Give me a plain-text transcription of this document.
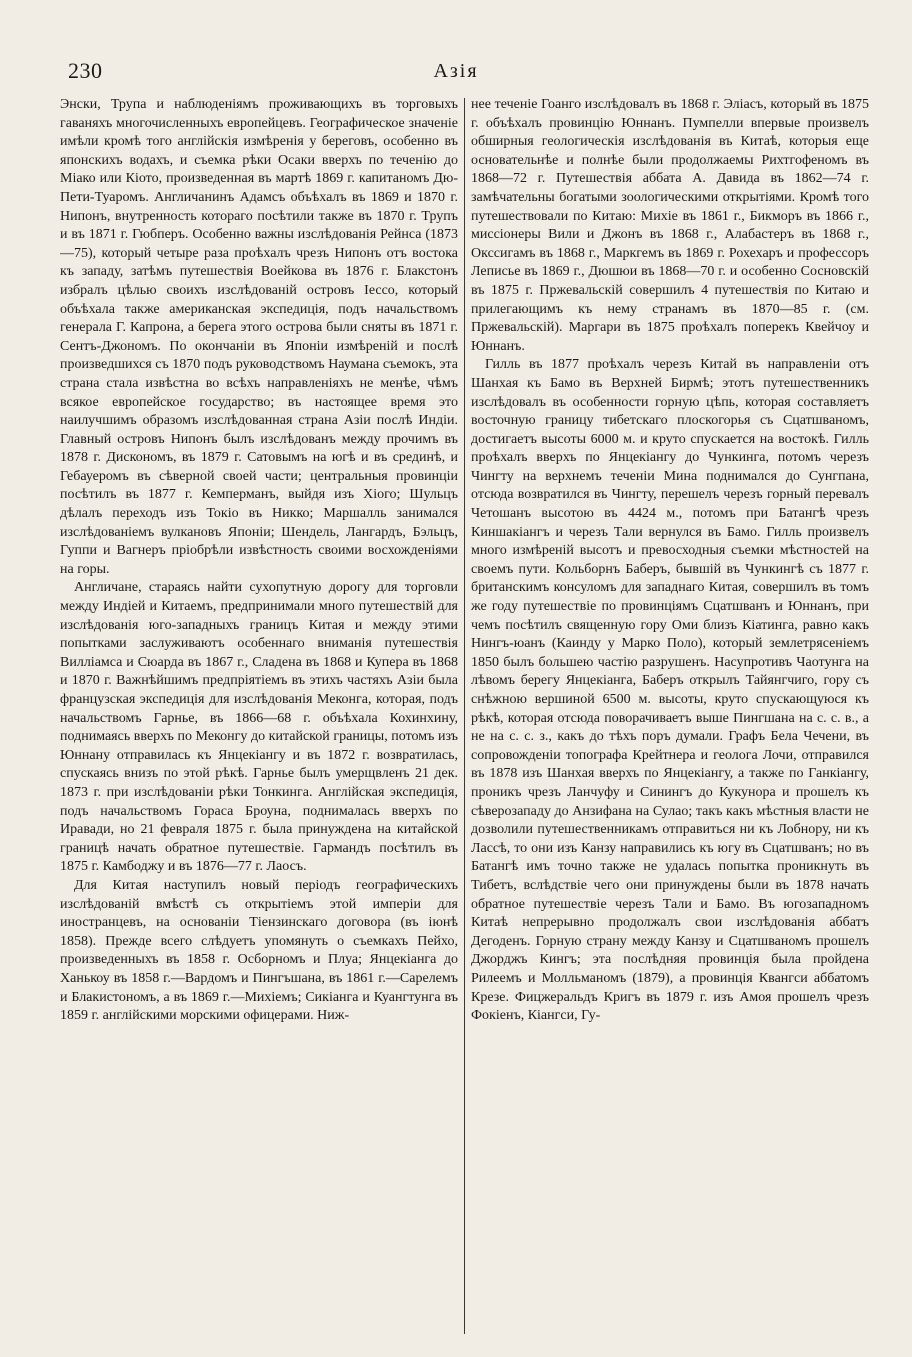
230	Азія

Энски, Трупа и наблюденіямъ проживающихъ въ торговыхъ гаваняхъ многочисленныхъ европейцевъ. Географическое значеніе имѣли кромѣ того англійскія измѣренія у береговъ, особенно въ японскихъ водахъ, и съемка рѣки Осаки вверхъ по теченію до Міако или Кіото, произведенная въ мартѣ 1869 г. капитаномъ Дю-Пети-Туаромъ. Англичанинъ Адамсъ объѣхалъ въ 1869 и 1870 г. Нипонъ, внутренность котораго посѣтили также въ 1870 г. Трупъ и въ 1871 г. Гюбперъ. Особенно важны изслѣдованія Рейнса (1873—75), который четыре раза проѣхалъ чрезъ Нипонъ отъ востока къ западу, затѣмъ путешествія Воейкова въ 1876 г. Блакстонъ избралъ цѣлью своихъ изслѣдованій островъ Іессо, который объѣхала также американская экспедиція, подъ начальствомъ генерала Г. Капрона, а берега этого острова были сняты въ 1871 г. Сентъ-Джономъ. По окончаніи въ Японіи измѣреній и послѣ произведшихся съ 1870 подъ руководствомъ Наумана съемокъ, эта страна стала извѣстна во всѣхъ направленіяхъ не менѣе, чѣмъ всякое европейское государство; въ настоящее время это наилучшимъ образомъ изслѣдованная страна Азіи послѣ Индіи. Главный островъ Нипонъ былъ изслѣдованъ между прочимъ въ 1878 г. Дискономъ, въ 1879 г. Сатовымъ на югѣ и въ срединѣ, и Гебауеромъ въ сѣверной своей части; центральныя провинціи посѣтилъ въ 1877 г. Кемперманъ, выйдя изъ Хіого; Шульцъ дѣлалъ переходъ изъ Токіо въ Никко; Маршалль занимался изслѣдованіемъ вулкановъ Японіи; Шендель, Лангардъ, Бэльцъ, Гуппи и Вагнеръ пріобрѣли извѣстность своими восхожденіями на горы.

Англичане, стараясь найти сухопутную дорогу для торговли между Индіей и Китаемъ, предпринимали много путешествій для изслѣдованія юго-западныхъ границъ Китая и между этими попытками заслуживаютъ особеннаго вниманія путешествія Вилліамса и Сюарда въ 1867 г., Сладена въ 1868 и Купера въ 1868 и 1870 г. Важнѣйшимъ предпріятіемъ въ этихъ частяхъ Азіи была французская экспедиція для изслѣдованія Меконга, которая, подъ начальствомъ Гарнье, въ 1866—68 г. объѣхала Кохинхину, поднимаясь вверхъ по Меконгу до китайской границы, потомъ изъ Юннану отправилась къ Янцекіангу и въ 1872 г. возвратилась, спускаясь внизъ по этой рѣкѣ. Гарнье былъ умерщвленъ 21 дек. 1873 г. при изслѣдованіи рѣки Тонкинга. Англійская экспедиція, подъ начальствомъ Гораса Броуна, поднималась вверхъ по Иравади, но 21 февраля 1875 г. была принуждена на китайской границѣ начать обратное путешествіе. Гармандъ посѣтилъ въ 1875 г. Камбоджу и въ 1876—77 г. Лаосъ.

Для Китая наступилъ новый періодъ географическихъ изслѣдованій вмѣстѣ съ открытіемъ этой имперіи для иностранцевъ, на основаніи Тіензинскаго договора (въ іюнѣ 1858). Прежде всего слѣдуетъ упомянуть о съемкахъ Пейхо, произведенныхъ въ 1858 г. Осборномъ и Плуа; Янцекіанга до Ханькоу въ 1858 г.—Вардомъ и Пингъшана, въ 1861 г.—Сарелемъ и Блакистономъ, а въ 1869 г.—Михіемъ; Сикіанга и Куангтунга въ 1859 г. англійскими морскими офицерами. Ниж-

нее теченіе Гоанго изслѣдовалъ въ 1868 г. Эліасъ, который въ 1875 г. объѣхалъ провинцію Юннанъ. Пумпелли впервые произвелъ обширныя геологическія изслѣдованія въ Китаѣ, которыя еще основательнѣе и полнѣе были продолжаемы Рихтгофеномъ въ 1868—72 г. Путешествія аббата А. Давида въ 1862—74 г. замѣчательны богатыми зоологическими открытіями. Кромѣ того путешествовали по Китаю: Михіе въ 1861 г., Бикморъ въ 1866 г., миссіонеры Вили и Джонъ въ 1868 г., Алабастеръ въ 1868 г., Окссигамъ въ 1868 г., Маркгемъ въ 1869 г. Рохехаръ и профессоръ Леписье въ 1869 г., Дюшюи въ 1868—70 г. и особенно Сосновскій въ 1875 г. Пржевальскій совершилъ 4 путешествія по Китаю и прилегающимъ къ нему странамъ въ 1870—85 г. (см. Пржевальскій). Маргари въ 1875 проѣхалъ поперекъ Квейчоу и Юннанъ.

Гилль въ 1877 проѣхалъ черезъ Китай въ направленіи отъ Шанхая къ Бамо въ Верхней Бирмѣ; этотъ путешественникъ изслѣдовалъ въ особенности горную цѣпь, которая составляетъ восточную границу тибетскаго плоскогорья съ Сцатшваномъ, достигаетъ высоты 6000 м. и круто спускается на востокѣ. Гилль проѣхалъ вверхъ по Янцекіангу до Чункинга, потомъ черезъ Чингту на верхнемъ теченіи Мина поднимался до Сунгпана, отсюда возвратился въ Чингту, перешелъ черезъ горный перевалъ Четошанъ высотою въ 4424 м., потомъ при Батангѣ чрезъ Киншакіангъ и черезъ Тали вернулся въ Бамо. Гилль произвелъ много измѣреній высотъ и превосходныя съемки мѣстностей на своемъ пути. Кольборнъ Баберъ, бывшій въ Чункингѣ съ 1877 г. британскимъ консуломъ для западнаго Китая, совершилъ въ томъ же году путешествіе по провинціямъ Сцатшванъ и Юннанъ, при чемъ посѣтилъ священную гору Оми близъ Кіатинга, равно какъ Нингъ-юанъ (Каинду у Марко Поло), который землетрясеніемъ 1850 былъ большею частію разрушенъ. Насупротивъ Чаотунга на лѣвомъ берегу Янцекіанга, Баберъ открылъ Тайянгчиго, гору съ снѣжною вершиной 6500 м. высоты, круто спускающуюся къ рѣкѣ, которая отсюда поворачиваетъ выше Пингшана на с. с. в., а не на с. с. з., какъ до тѣхъ поръ думали. Графъ Бела Чечени, въ сопровожденіи топографа Крейтнера и геолога Лочи, отправился въ 1878 изъ Шанхая вверхъ по Янцекіангу, а также по Ганкіангу, проникъ чрезъ Ланчуфу и Синингъ до Кукунора и прошелъ къ сѣверозападу до Анзифана на Сулао; такъ какъ мѣстныя власти не дозволили путешественникамъ отправиться ни къ Лобнору, ни къ Лассѣ, то они изъ Канзу направились къ югу въ Сцатшванъ; но въ Батангѣ имъ точно также не удалась попытка проникнуть въ Тибетъ, вслѣдствіе чего они принуждены были въ 1878 начать обратное путешествіе черезъ Тали и Бамо. Въ югозападномъ Китаѣ непрерывно продолжалъ свои изслѣдованія аббатъ Дегоденъ. Горную страну между Канзу и Сцатшваномъ прошелъ Джорджъ Кингъ; эта послѣдняя провинція была пройдена Рилеемъ и Молльманомъ (1879), а провинція Квангси аббатомъ Крезе. Фицжеральдъ Кригъ въ 1879 г. изъ Амоя прошелъ чрезъ Фокіенъ, Кіангси, Гу-
